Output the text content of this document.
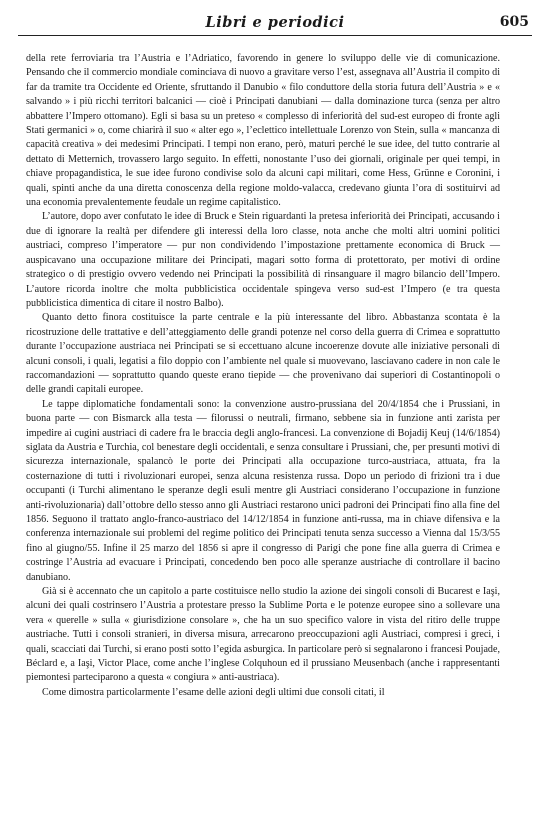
Libri e periodici	605

della rete ferroviaria tra l’Austria e l’Adriatico, favorendo in genere lo sviluppo delle vie di comunicazione. Pensando che il commercio mondiale cominciava di nuovo a gravitare verso l’est, assegnava all’Austria il compito di far da tramite tra Occidente ed Oriente, sfruttando il Danubio « filo conduttore della storia futura dell’Austria » e « salvando » i più ricchi territori balcanici — cioè i Principati danubiani — dalla dominazione turca (senza per altro abbattere l’Impero ottomano). Egli si basa su un preteso « complesso di inferiorità del sud-est europeo di fronte agli Stati germanici » o, come chiarirà il suo « alter ego », l’eclettico intellettuale Lorenzo von Stein, sulla « mancanza di capacità creativa » dei medesimi Principati. I tempi non erano, però, maturi perché le sue idee, del tutto contrarie al dettato di Metternich, trovassero largo seguito. In effetti, nonostante l’uso dei giornali, originale per quei tempi, in chiave propagandistica, le sue idee furono condivise solo da alcuni capi militari, come Hess, Grünne e Coronini, i quali, spinti anche da una diretta conoscenza della regione moldo-valacca, credevano giunta l’ora di sostituirvi ad una economia prevalentemente feudale un regime capitalistico.

L’autore, dopo aver confutato le idee di Bruck e Stein riguardanti la pretesa inferiorità dei Principati, accusando i due di ignorare la realtà per difendere gli interessi della loro classe, nota anche che molti altri uomini politici austriaci, compreso l’imperatore — pur non condividendo l’impostazione prettamente economica di Bruck — auspicavano una occupazione militare dei Principati, magari sotto forma di protettorato, per motivi di ordine strategico o di prestigio ovvero vedendo nei Principati la possibilità di rinsanguare il magro bilancio dell’Impero. L’autore ricorda inoltre che molta pubblicistica occidentale spingeva verso sud-est l’Impero (e tra questa pubblicistica dimentica di citare il nostro Balbo).

Quanto detto finora costituisce la parte centrale e la più interessante del libro. Abbastanza scontata è la ricostruzione delle trattative e dell’atteggiamento delle grandi potenze nel corso della guerra di Crimea e soprattutto durante l’occupazione austriaca nei Principati se si eccettuano alcune incoerenze dovute alle iniziative personali di alcuni consoli, i quali, legatisi a filo doppio con l’ambiente nel quale si muovevano, lasciavano cadere in non cale le raccomandazioni — soprattutto quando queste erano tiepide — che provenivano dai superiori di Costantinopoli o delle grandi capitali europee.

Le tappe diplomatiche fondamentali sono: la convenzione austro-prussiana del 20/4/1854 che i Prussiani, in buona parte — con Bismarck alla testa — filorussi o neutrali, firmano, sebbene sia in funzione anti zarista per impedire ai cugini austriaci di cadere fra le braccia degli anglo-francesi. La convenzione di Bojadij Keuj (14/6/1854) siglata da Austria e Turchia, col benestare degli occidentali, e senza consultare i Prussiani, che, per presunti motivi di sicurezza internazionale, spalancò le porte dei Principati alla occupazione turco-austriaca, attuata, fra la costernazione di tutti i rivoluzionari europei, senza alcuna resistenza russa. Dopo un periodo di frizioni tra i due occupanti (i Turchi alimentano le speranze degli esuli mentre gli Austriaci considerano l’occupazione in funzione anti-rivoluzionaria) dall’ottobre dello stesso anno gli Austriaci restarono unici padroni dei Principati fino alla fine del 1856. Seguono il trattato anglo-franco-austriaco del 14/12/1854 in funzione anti-russa, ma in chiave difensiva e la conferenza internazionale sui problemi del regime politico dei Principati tenuta senza successo a Vienna dal 15/3/55 fino al giugno/55. Infine il 25 marzo del 1856 si apre il congresso di Parigi che pone fine alla guerra di Crimea e costringe l’Austria ad evacuare i Principati, concedendo ben poco alle speranze austriache di controllare il bacino danubiano.

Già si è accennato che un capitolo a parte costituisce nello studio la azione dei singoli consoli di Bucarest e Iaşi, alcuni dei quali costrinsero l’Austria a protestare presso la Sublime Porta e le potenze europee sino a sollevare una vera « querelle » sulla « giurisdizione consolare », che ha un suo specifico valore in vista del ritiro delle truppe austriache. Tutti i consoli stranieri, in diversa misura, arrecarono preoccupazioni agli Austriaci, compresi i greci, i quali, scacciati dai Turchi, si erano posti sotto l’egida asburgica. In particolare però si segnalarono i francesi Poujade, Béclard e, a Iaşi, Victor Place, come anche l’inglese Colquhoun ed il prussiano Meusenbach (anche i rappresentanti piemontesi parteciparono a questa « congiura » anti-austriaca).

Come dimostra particolarmente l’esame delle azioni degli ultimi due consoli citati, il
